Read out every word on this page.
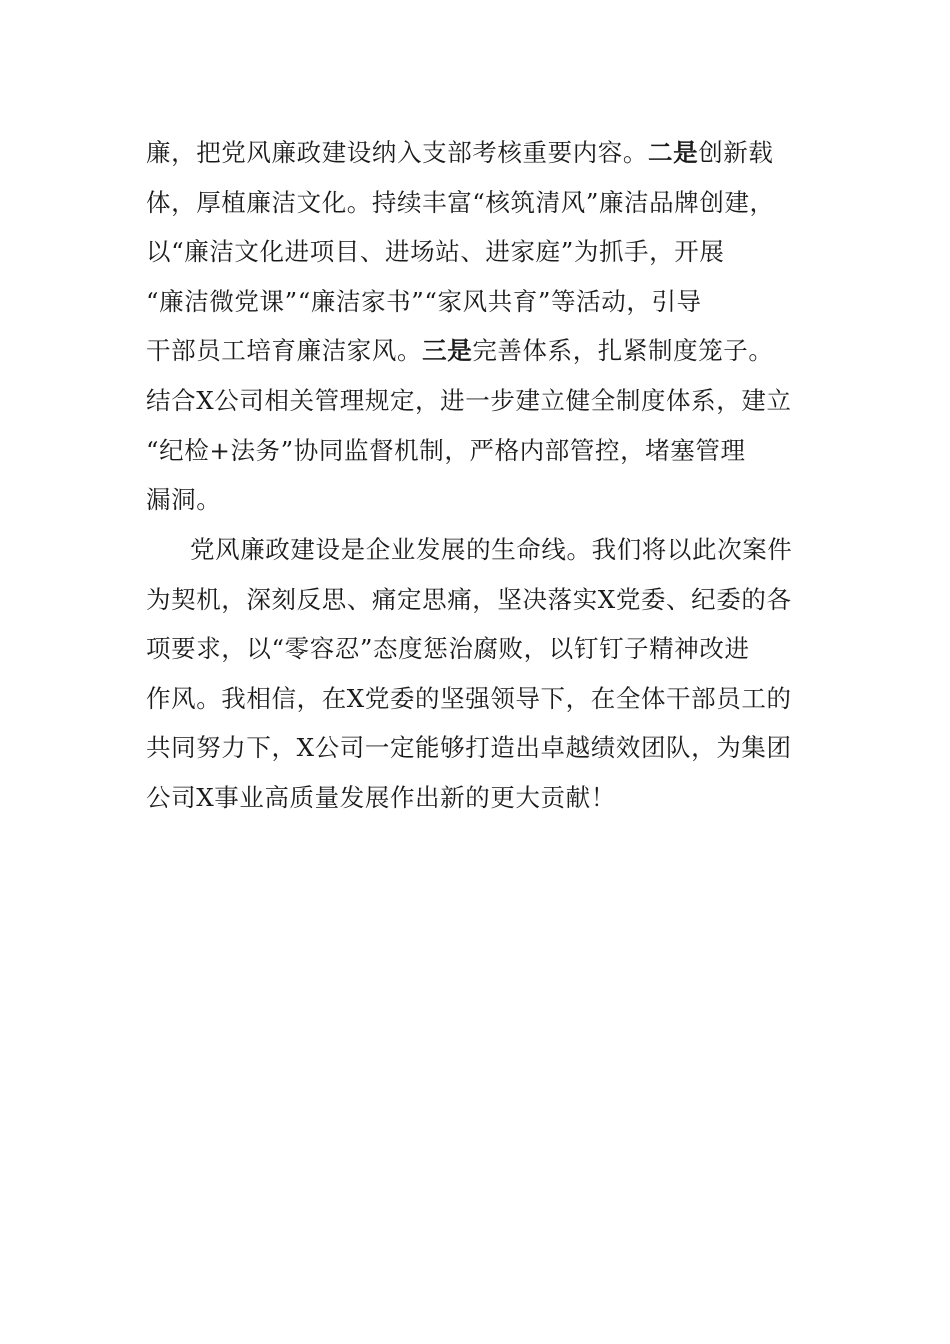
廉，把党风廉政建设纳入支部考核重要内容。二是创新载
体，厚植廉洁文化。持续丰富“核筑清风”廉洁品牌创建，
以“廉洁文化进项目、进场站、进家庭”为抓手，开展
“廉洁微党课”“廉洁家书”“家风共育”等活动，引导
干部员工培育廉洁家风。三是完善体系，扎紧制度笼子。
结合X公司相关管理规定，进一步建立健全制度体系，建立
“纪检+法务”协同监督机制，严格内部管控，堵塞管理
漏洞。
党风廉政建设是企业发展的生命线。我们将以此次案件
为契机，深刻反思、痛定思痛，坚决落实X党委、纪委的各
项要求，以“零容忍”态度惩治腐败，以钉钉子精神改进
作风。我相信，在X党委的坚强领导下，在全体干部员工的
共同努力下，X公司一定能够打造出卓越绩效团队，为集团
公司X事业高质量发展作出新的更大贡献！
